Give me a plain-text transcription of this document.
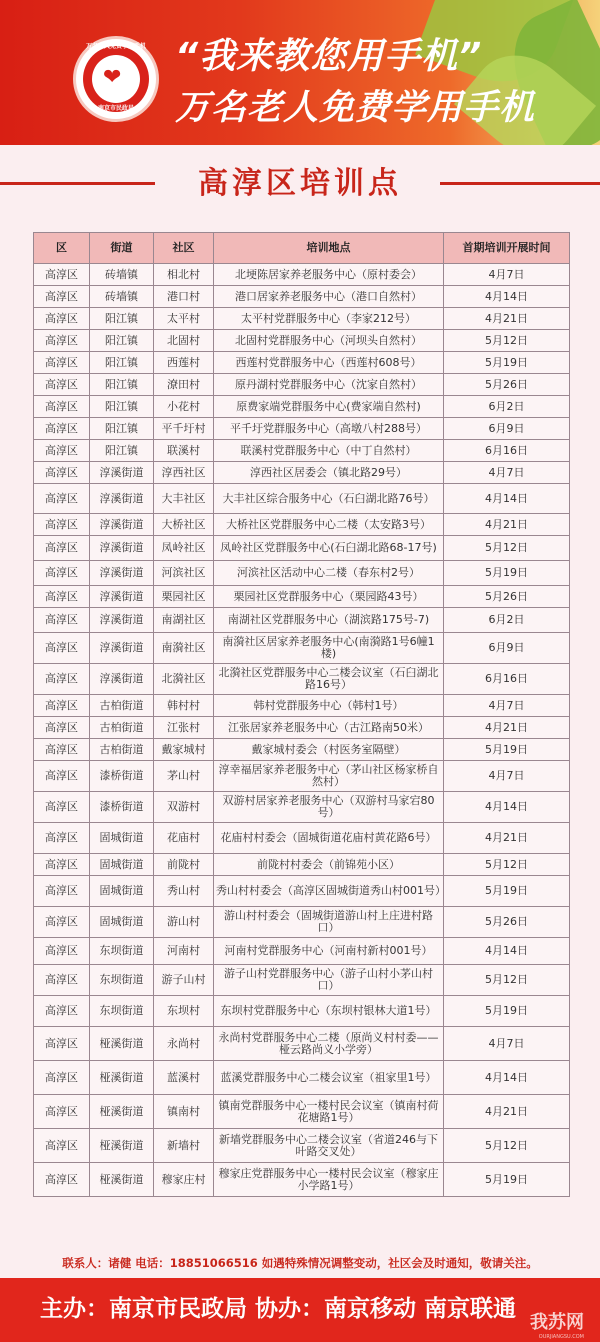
❤
万名老人免费学用手机
南京市民政局
“我来教您用手机”
万名老人免费学用手机
高淳区培训点
区	街道	社区	培训地点	首期培训开展时间
高淳区	砖墙镇	相北村	北埂陈居家养老服务中心（原村委会）	4月7日
高淳区	砖墙镇	港口村	港口居家养老服务中心（港口自然村）	4月14日
高淳区	阳江镇	太平村	太平村党群服务中心（李家212号）	4月21日
高淳区	阳江镇	北固村	北固村党群服务中心（河坝头自然村）	5月12日
高淳区	阳江镇	西莲村	西莲村党群服务中心（西莲村608号）	5月19日
高淳区	阳江镇	潦田村	原丹湖村党群服务中心（沈家自然村）	5月26日
高淳区	阳江镇	小花村	原费家端党群服务中心(费家端自然村)	6月2日
高淳区	阳江镇	平千圩村	平千圩党群服务中心（高墩八村288号）	6月9日
高淳区	阳江镇	联溪村	联溪村党群服务中心（中丁自然村）	6月16日
高淳区	淳溪街道	淳西社区	淳西社区居委会（镇北路29号）	4月7日
高淳区	淳溪街道	大丰社区	大丰社区综合服务中心（石臼湖北路76号）	4月14日
高淳区	淳溪街道	大桥社区	大桥社区党群服务中心二楼（太安路3号）	4月21日
高淳区	淳溪街道	凤岭社区	凤岭社区党群服务中心(石臼湖北路68-17号)	5月12日
高淳区	淳溪街道	河滨社区	河滨社区活动中心二楼（春东村2号）	5月19日
高淳区	淳溪街道	栗园社区	栗园社区党群服务中心（栗园路43号）	5月26日
高淳区	淳溪街道	南湖社区	南湖社区党群服务中心（湖滨路175号-7)	6月2日
高淳区	淳溪街道	南漪社区	南漪社区居家养老服务中心(南漪路1号6幢1楼)	6月9日
高淳区	淳溪街道	北漪社区	北漪社区党群服务中心二楼会议室（石臼湖北路16号）	6月16日
高淳区	古柏街道	韩村村	韩村党群服务中心（韩村1号）	4月7日
高淳区	古柏街道	江张村	江张居家养老服务中心（古江路南50米）	4月21日
高淳区	古柏街道	戴家城村	戴家城村委会（村医务室隔壁）	5月19日
高淳区	漆桥街道	茅山村	淳幸福居家养老服务中心（茅山社区杨家桥自然村）	4月7日
高淳区	漆桥街道	双游村	双游村居家养老服务中心（双游村马家宕80号）	4月14日
高淳区	固城街道	花庙村	花庙村村委会（固城街道花庙村黄花路6号）	4月21日
高淳区	固城街道	前陇村	前陇村村委会（前锦苑小区）	5月12日
高淳区	固城街道	秀山村	秀山村村委会（高淳区固城街道秀山村001号）	5月19日
高淳区	固城街道	游山村	游山村村委会（固城街道游山村上庄进村路口）	5月26日
高淳区	东坝街道	河南村	河南村党群服务中心（河南村新村001号）	4月14日
高淳区	东坝街道	游子山村	游子山村党群服务中心（游子山村小茅山村口）	5月12日
高淳区	东坝街道	东坝村	东坝村党群服务中心（东坝村银林大道1号）	5月19日
高淳区	桠溪街道	永尚村	永尚村党群服务中心二楼（原尚义村村委——桠云路尚义小学旁）	4月7日
高淳区	桠溪街道	蓝溪村	蓝溪党群服务中心二楼会议室（祖家里1号）	4月14日
高淳区	桠溪街道	镇南村	镇南党群服务中心一楼村民会议室（镇南村荷花塘路1号）	4月21日
高淳区	桠溪街道	新墙村	新墙党群服务中心二楼会议室（省道246与下叶路交叉处）	5月12日
高淳区	桠溪街道	穆家庄村	穆家庄党群服务中心一楼村民会议室（穆家庄小学路1号）	5月19日
联系人：诸健 电话：18851066516 如遇特殊情况调整变动，社区会及时通知，敬请关注。
主办：南京市民政局 协办：南京移动 南京联通
我苏网
OURJIANGSU.COM
